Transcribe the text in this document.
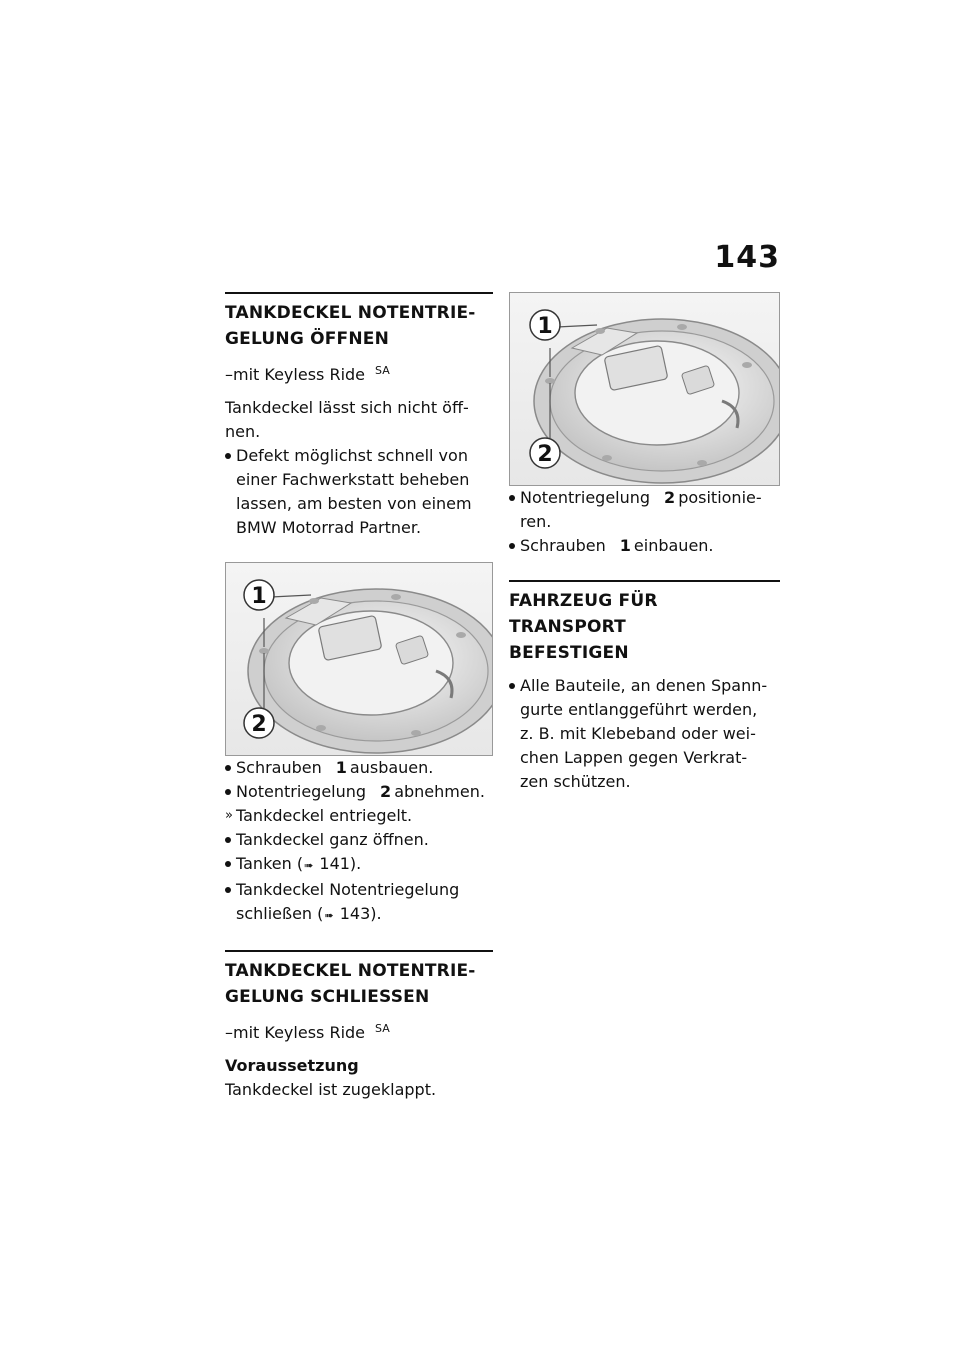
143
TANKDECKEL NOTENTRIE-
GELUNG ÖFFNEN
–mit Keyless Ride $^{SA}$
Tankdeckel lässt sich nicht öff-
nen.
Defekt möglichst schnell von
einer Fachwerkstatt beheben
lassen, am besten von einem
BMW Motorrad Partner.
1
2
Schrauben 1 ausbauen.
Notentriegelung 2 abnehmen.
» Tankdeckel entriegelt.
Tankdeckel ganz öffnen.
Tanken (➠ 141).
Tankdeckel Notentriegelung
schließen (➠ 143).
TANKDECKEL NOTENTRIE-
GELUNG SCHLIESSEN
–mit Keyless Ride $^{SA}$
Voraussetzung
Tankdeckel ist zugeklappt.
1
2
Notentriegelung 2 positionie-
ren.
Schrauben 1 einbauen.
FAHRZEUG FÜR TRANSPORT
BEFESTIGEN
Alle Bauteile, an denen Spann-
gurte entlanggeführt werden,
z. B. mit Klebeband oder wei-
chen Lappen gegen Verkrat-
zen schützen.
